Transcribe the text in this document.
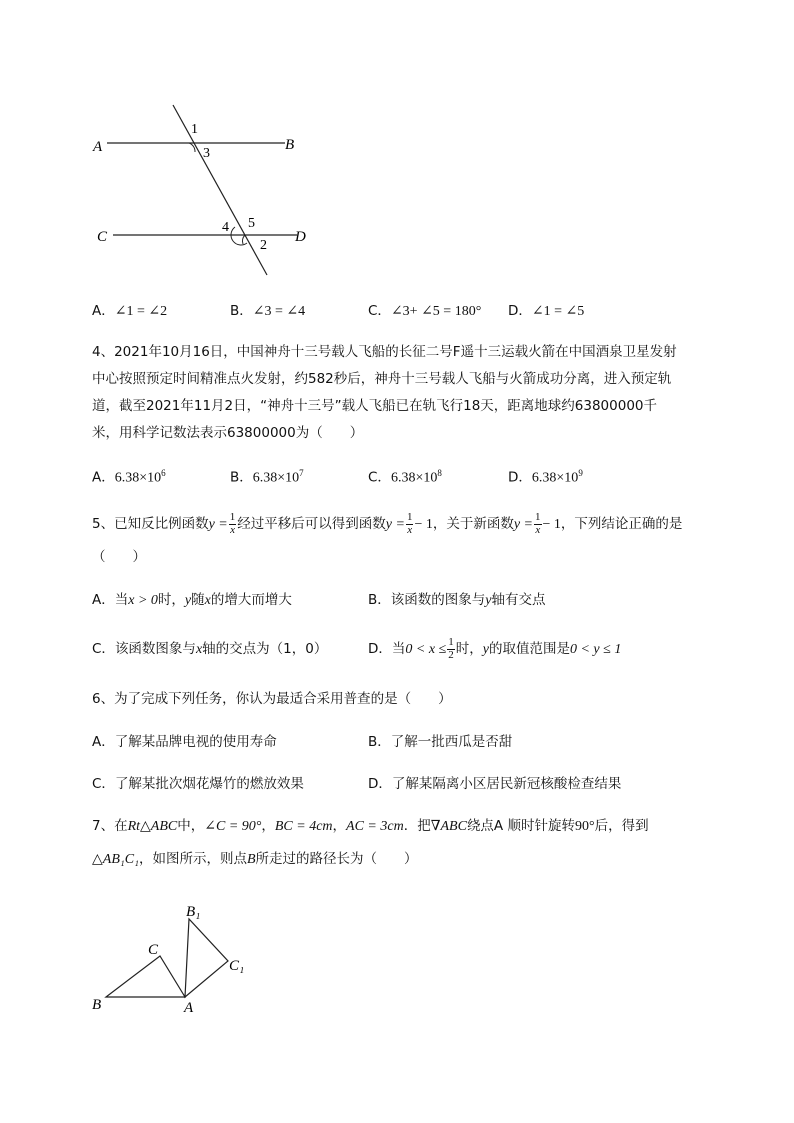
A	B
C	D
1
3
4 5
2
A．∠1 = ∠2	B．∠3 = ∠4	C．∠3+ ∠5 = 180° D．∠1 = ∠5
4、2021年10月16日，中国神舟十三号载人飞船的长征二号F遥十三运载火箭在中国酒泉卫星发射
中心按照预定时间精准点火发射，约582秒后，神舟十三号载人飞船与火箭成功分离，进入预定轨
道，截至2021年11月2日，“神舟十三号”载人飞船已在轨飞行18天，距离地球约63800000千
米，用科学记数法表示63800000为（　　）
A．$6.38\times 10^6$	B．$6.38\times 10^7$	C．$6.38\times 10^8$	D．$6.38\times 10^9$
5、已知反比例函数$y = \frac{1}{x}$ 经过平移后可以得到函数$y = \frac{1}{x} - 1$，关于新函数$y = \frac{1}{x} - 1$，下列结论正确的是
（　　）
A．当x > 0时，y随x的增大而增大	B．该函数的图象与y轴有交点
C．该函数图象与x轴的交点为（1，0）	D．当$0 < x \le \frac{1}{2}$ 时，y的取值范围是0 < y ≤ 1
6、为了完成下列任务，你认为最适合采用普查的是（　　）
A．了解某品牌电视的使用寿命	B．了解一批西瓜是否甜
C．了解某批次烟花爆竹的燃放效果	D．了解某隔离小区居民新冠核酸检查结果
7、在Rt△ABC中，∠C = 90°，BC = 4cm，AC = 3cm．把∇ABC绕点A 顺时针旋转90°后，得到
△AB₁C₁，如图所示，则点B所走过的路径长为（　　）
B₁
C
C₁
B	A
